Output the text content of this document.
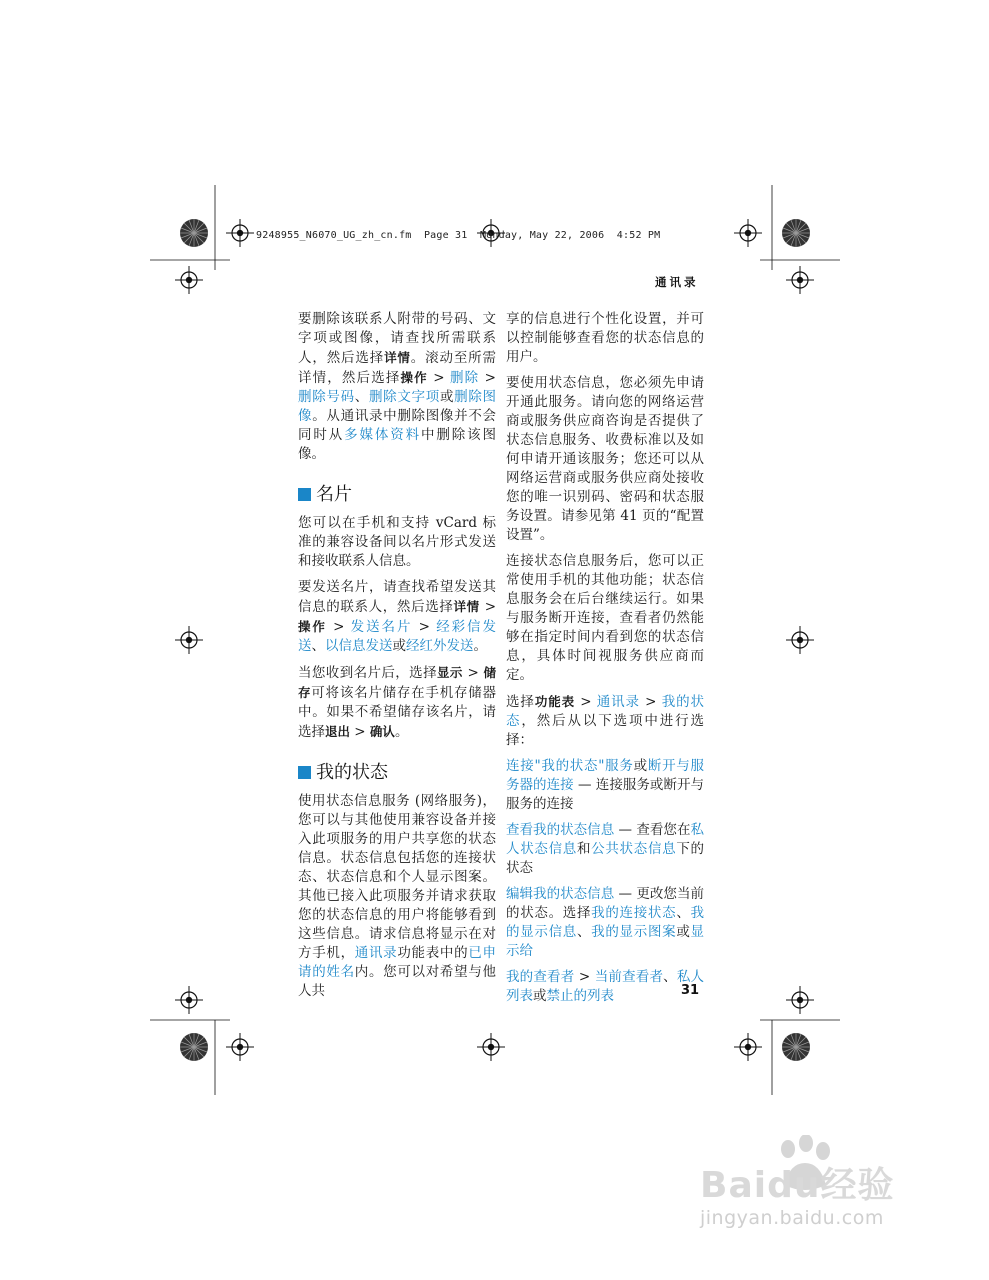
9248955_N6070_UG_zh_cn.fm  Page 31  Monday, May 22, 2006  4:52 PM
通讯录

要删除该联系人附带的号码、文字项或图像，请查找所需联系人，然后选择详情。滚动至所需详情，然后选择操作 > 删除 > 删除号码、删除文字项或删除图像。从通讯录中删除图像并不会同时从多媒体资料中删除该图像。

名片

您可以在手机和支持 vCard 标准的兼容设备间以名片形式发送和接收联系人信息。

要发送名片，请查找希望发送其信息的联系人，然后选择详情 > 操作 > 发送名片 > 经彩信发送、以信息发送或经红外发送。

当您收到名片后，选择显示 > 储存可将该名片储存在手机存储器中。如果不希望储存该名片，请选择退出 > 确认。

我的状态

使用状态信息服务 (网络服务)，您可以与其他使用兼容设备并接入此项服务的用户共享您的状态信息。状态信息包括您的连接状态、状态信息和个人显示图案。其他已接入此项服务并请求获取您的状态信息的用户将能够看到这些信息。请求信息将显示在对方手机，通讯录功能表中的已申请的姓名内。您可以对希望与他人共

享的信息进行个性化设置，并可以控制能够查看您的状态信息的用户。

要使用状态信息，您必须先申请开通此服务。请向您的网络运营商或服务供应商咨询是否提供了状态信息服务、收费标准以及如何申请开通该服务；您还可以从网络运营商或服务供应商处接收您的唯一识别码、密码和状态服务设置。请参见第 41 页的“配置设置”。

连接状态信息服务后，您可以正常使用手机的其他功能；状态信息服务会在后台继续运行。如果与服务断开连接，查看者仍然能够在指定时间内看到您的状态信息，具体时间视服务供应商而定。

选择功能表 > 通讯录 > 我的状态，然后从以下选项中进行选择：

连接"我的状态"服务或断开与服务器的连接 — 连接服务或断开与服务的连接

查看我的状态信息 — 查看您在私人状态信息和公共状态信息下的状态

编辑我的状态信息 — 更改您当前的状态。选择我的连接状态、我的显示信息、我的显示图案或显示给

我的查看者 > 当前查看者、私人列表或禁止的列表	31
Baidu经验
jingyan.baidu.com
